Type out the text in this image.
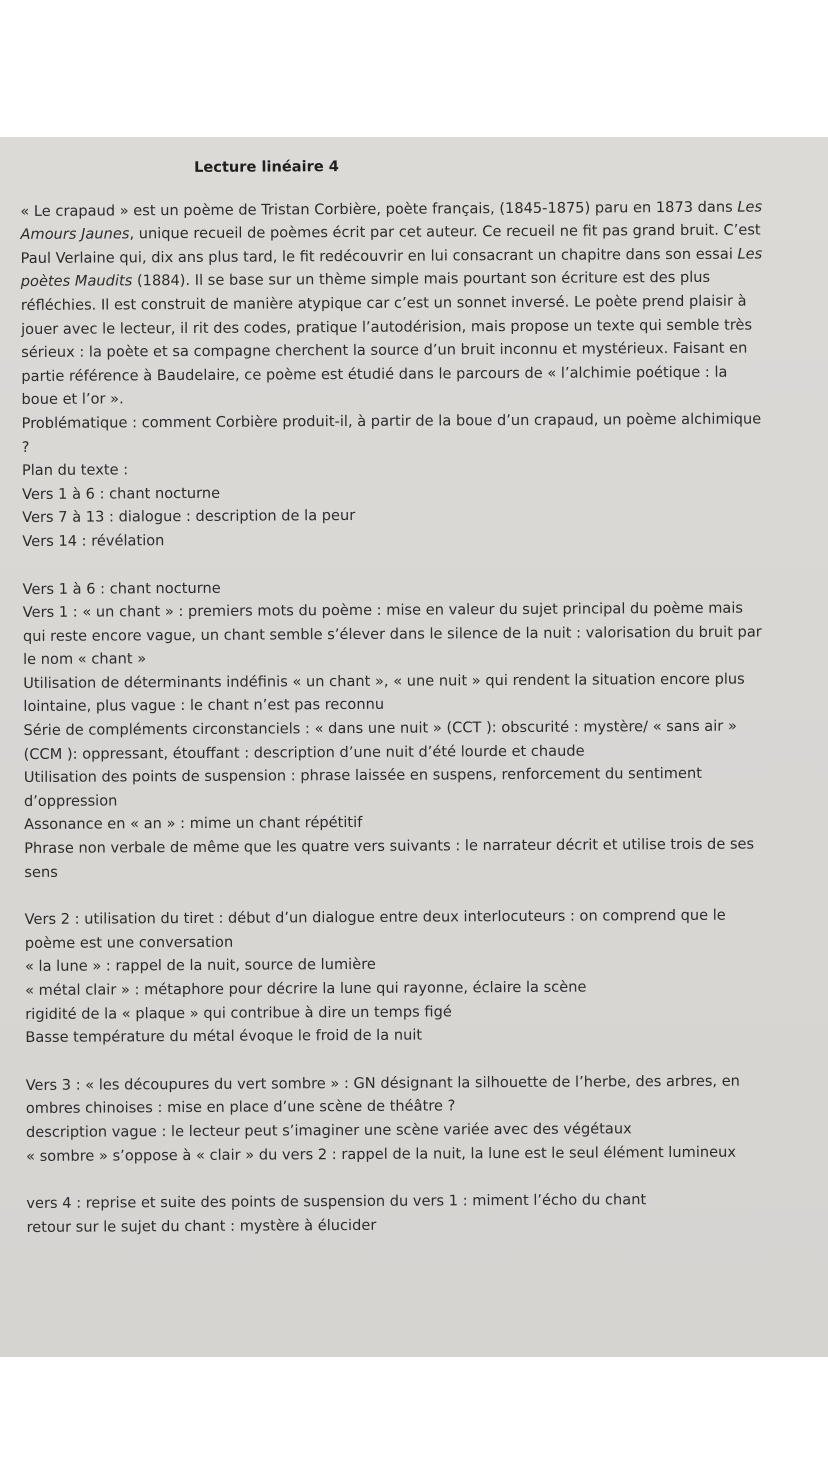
Lecture linéaire 4

« Le crapaud » est un poème de Tristan Corbière, poète français, (1845-1875) paru en 1873 dans Les Amours Jaunes, unique recueil de poèmes écrit par cet auteur. Ce recueil ne fit pas grand bruit. C’est Paul Verlaine qui, dix ans plus tard, le fit redécouvrir en lui consacrant un chapitre dans son essai Les poètes Maudits (1884). Il se base sur un thème simple mais pourtant son écriture est des plus réfléchies. Il est construit de manière atypique car c’est un sonnet inversé. Le poète prend plaisir à jouer avec le lecteur, il rit des codes, pratique l’autodérision, mais propose un texte qui semble très sérieux : la poète et sa compagne cherchent la source d’un bruit inconnu et mystérieux. Faisant en partie référence à Baudelaire, ce poème est étudié dans le parcours de « l’alchimie poétique : la boue et l’or ».

Problématique : comment Corbière produit-il, à partir de la boue d’un crapaud, un poème alchimique ?

Plan du texte :
Vers 1 à 6 : chant nocturne
Vers 7 à 13 : dialogue : description de la peur
Vers 14 : révélation
Vers 1 à 6 : chant nocturne
Vers 1 : « un chant » : premiers mots du poème : mise en valeur du sujet principal du poème mais qui reste encore vague, un chant semble s’élever dans le silence de la nuit : valorisation du bruit par le nom « chant »
Utilisation de déterminants indéfinis « un chant », « une nuit » qui rendent la situation encore plus lointaine, plus vague : le chant n’est pas reconnu
Série de compléments circonstanciels : « dans une nuit » (CCT ): obscurité : mystère/ « sans air » (CCM ): oppressant, étouffant : description d’une nuit d’été lourde et chaude
Utilisation des points de suspension : phrase laissée en suspens, renforcement du sentiment d’oppression
Assonance en « an » : mime un chant répétitif
Phrase non verbale de même que les quatre vers suivants : le narrateur décrit et utilise trois de ses sens
Vers 2 : utilisation du tiret : début d’un dialogue entre deux interlocuteurs : on comprend que le poème est une conversation
« la lune » : rappel de la nuit, source de lumière
« métal clair » : métaphore pour décrire la lune qui rayonne, éclaire la scène
rigidité de la « plaque » qui contribue à dire un temps figé
Basse température du métal évoque le froid de la nuit
Vers 3 : « les découpures du vert sombre » : GN désignant la silhouette de l’herbe, des arbres, en ombres chinoises : mise en place d’une scène de théâtre ?
description vague : le lecteur peut s’imaginer une scène variée avec des végétaux
« sombre » s’oppose à « clair » du vers 2 : rappel de la nuit, la lune est le seul élément lumineux
vers 4 : reprise et suite des points de suspension du vers 1 : miment l’écho du chant
retour sur le sujet du chant : mystère à élucider
